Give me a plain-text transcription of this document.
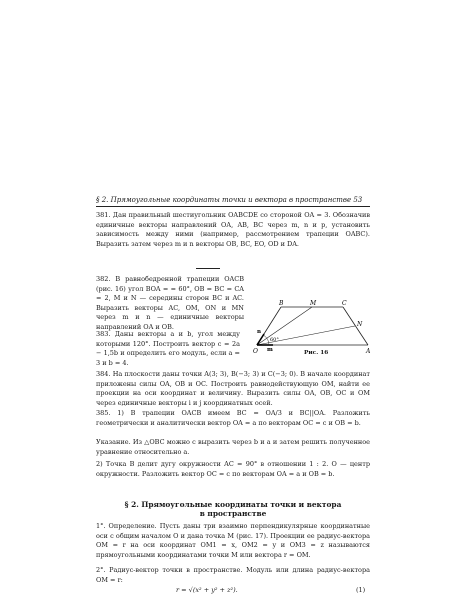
§ 2. Прямоугольные координаты точки и вектора в пространстве 53
381. Дан правильный шестиугольник OABCDE со стороной OA = 3. Обозначив единичные векторы направлений OA, AB, BC через m, n и p, установить зависимость между ними (например, рассмотрением трапеции OABC). Выразить затем через m и n векторы OB, BC, EO, OD и DA.
382. В равнобедренной трапеции OACB (рис. 16) угол BOA = = 60°, OB = BC = CA = 2, M и N — середины сторон BC и AC. Выразить векторы AC, OM, ON и MN через m и n — единичные векторы направлений OA и OB.
383. Даны векторы a и b, угол между которыми 120°. Построить вектор c = 2a − 1,5b и определить его модуль, если a = 3 и b = 4.
384. На плоскости даны точки A(3; 3), B(−3; 3) и C(−3; 0). В начале координат приложены силы OA, OB и OC. Построить равнодействующую OM, найти ее проекции на оси координат и величину. Выразить силы OA, OB, OC и OM через единичные векторы i и j координатных осей.
385. 1) В трапеции OACB имеем BC = OA/3 и BC||OA. Разложить геометрически и аналитически вектор OA = a по векторам OC = c и OB = b.
Указание. Из △OBC можно с выразить через b и a и затем решить полученное уравнение относительно a.
2) Точка B делит дугу окружности AC = 90° в отношении 1 : 2. O — центр окружности. Разложить вектор OC = c по векторам OA = a и OB = b.
§ 2. Прямоугольные координаты точки и вектора
в пространстве
1°. Определение. Пусть даны три взаимно перпендикулярные координатные оси с общим началом O и дана точка M (рис. 17). Проекции ее радиус-вектора OM = r на оси координат OM1 = x, OM2 = y и OM3 = z называются прямоугольными координатами точки M или вектора r = OM.
2°. Радиус-вектор точки в пространстве. Модуль или длина радиус-вектора OM = r:
r = √(x² + y² + z²).	(1)
B	M	C
N
O	A
n
m
60°
Рис. 16
